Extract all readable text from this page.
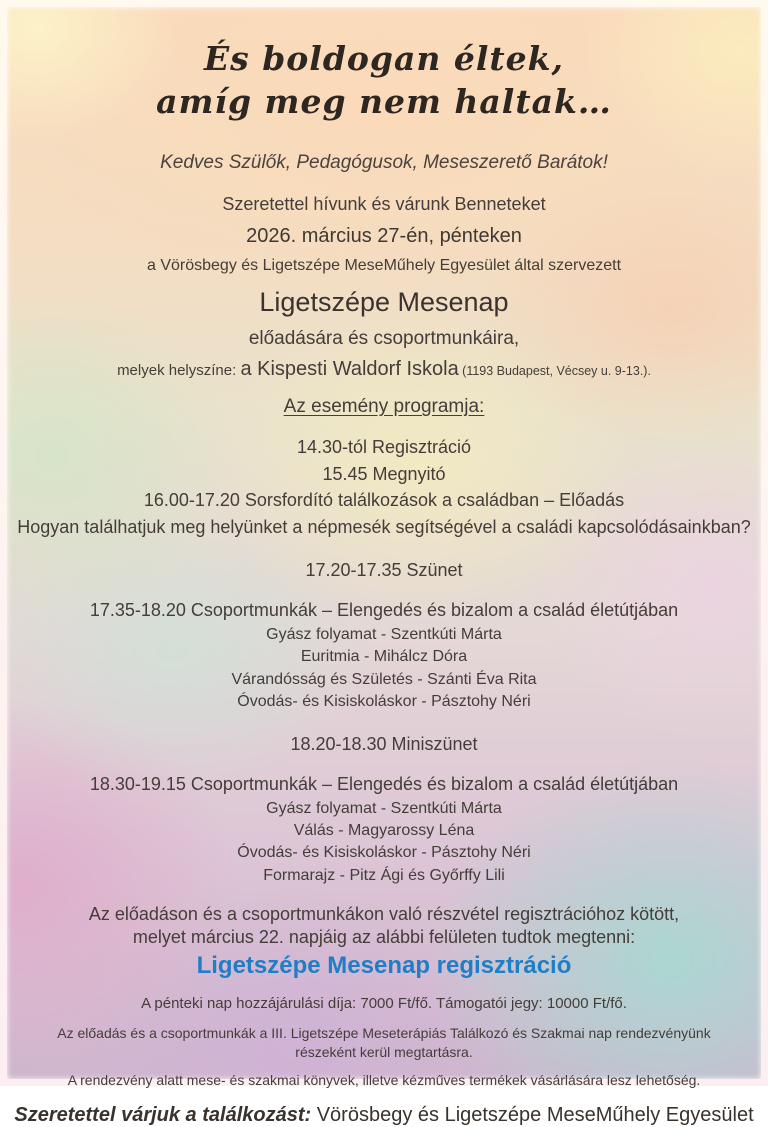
És boldogan éltek,
amíg meg nem haltak…
Kedves Szülők, Pedagógusok, Meseszerető Barátok!
Szeretettel hívunk és várunk Benneteket
2026. március 27-én, pénteken
a Vörösbegy és Ligetszépe MeseMűhely Egyesület által szervezett
Ligetszépe Mesenap
előadására és csoportmunkáira,
melyek helyszíne: a Kispesti Waldorf Iskola (1193 Budapest, Vécsey u. 9-13.).
Az esemény programja:
14.30-tól Regisztráció
15.45 Megnyitó
16.00-17.20 Sorsfordító találkozások a családban – Előadás
Hogyan találhatjuk meg helyünket a népmesék segítségével a családi kapcsolódásainkban?
17.20-17.35 Szünet
17.35-18.20 Csoportmunkák – Elengedés és bizalom a család életútjában
Gyász folyamat - Szentkúti Márta
Euritmia - Mihálcz Dóra
Várandósság és Születés - Szánti Éva Rita
Óvodás- és Kisiskoláskor - Pásztohy Néri
18.20-18.30 Miniszünet
18.30-19.15 Csoportmunkák – Elengedés és bizalom a család életútjában
Gyász folyamat - Szentkúti Márta
Válás - Magyarossy Léna
Óvodás- és Kisiskoláskor - Pásztohy Néri
Formarajz - Pitz Ági és Győrffy Lili
Az előadáson és a csoportmunkákon való részvétel regisztrációhoz kötött,
melyet március 22. napjáig az alábbi felületen tudtok megtenni:
Ligetszépe Mesenap regisztráció
A pénteki nap hozzájárulási díja: 7000 Ft/fő. Támogatói jegy: 10000 Ft/fő.
Az előadás és a csoportmunkák a III. Ligetszépe Meseterápiás Találkozó és Szakmai nap rendezvényünk részeként kerül megtartásra.
A rendezvény alatt mese- és szakmai könyvek, illetve kézműves termékek vásárlására lesz lehetőség.
Szeretettel várjuk a találkozást: Vörösbegy és Ligetszépe MeseMűhely Egyesület
